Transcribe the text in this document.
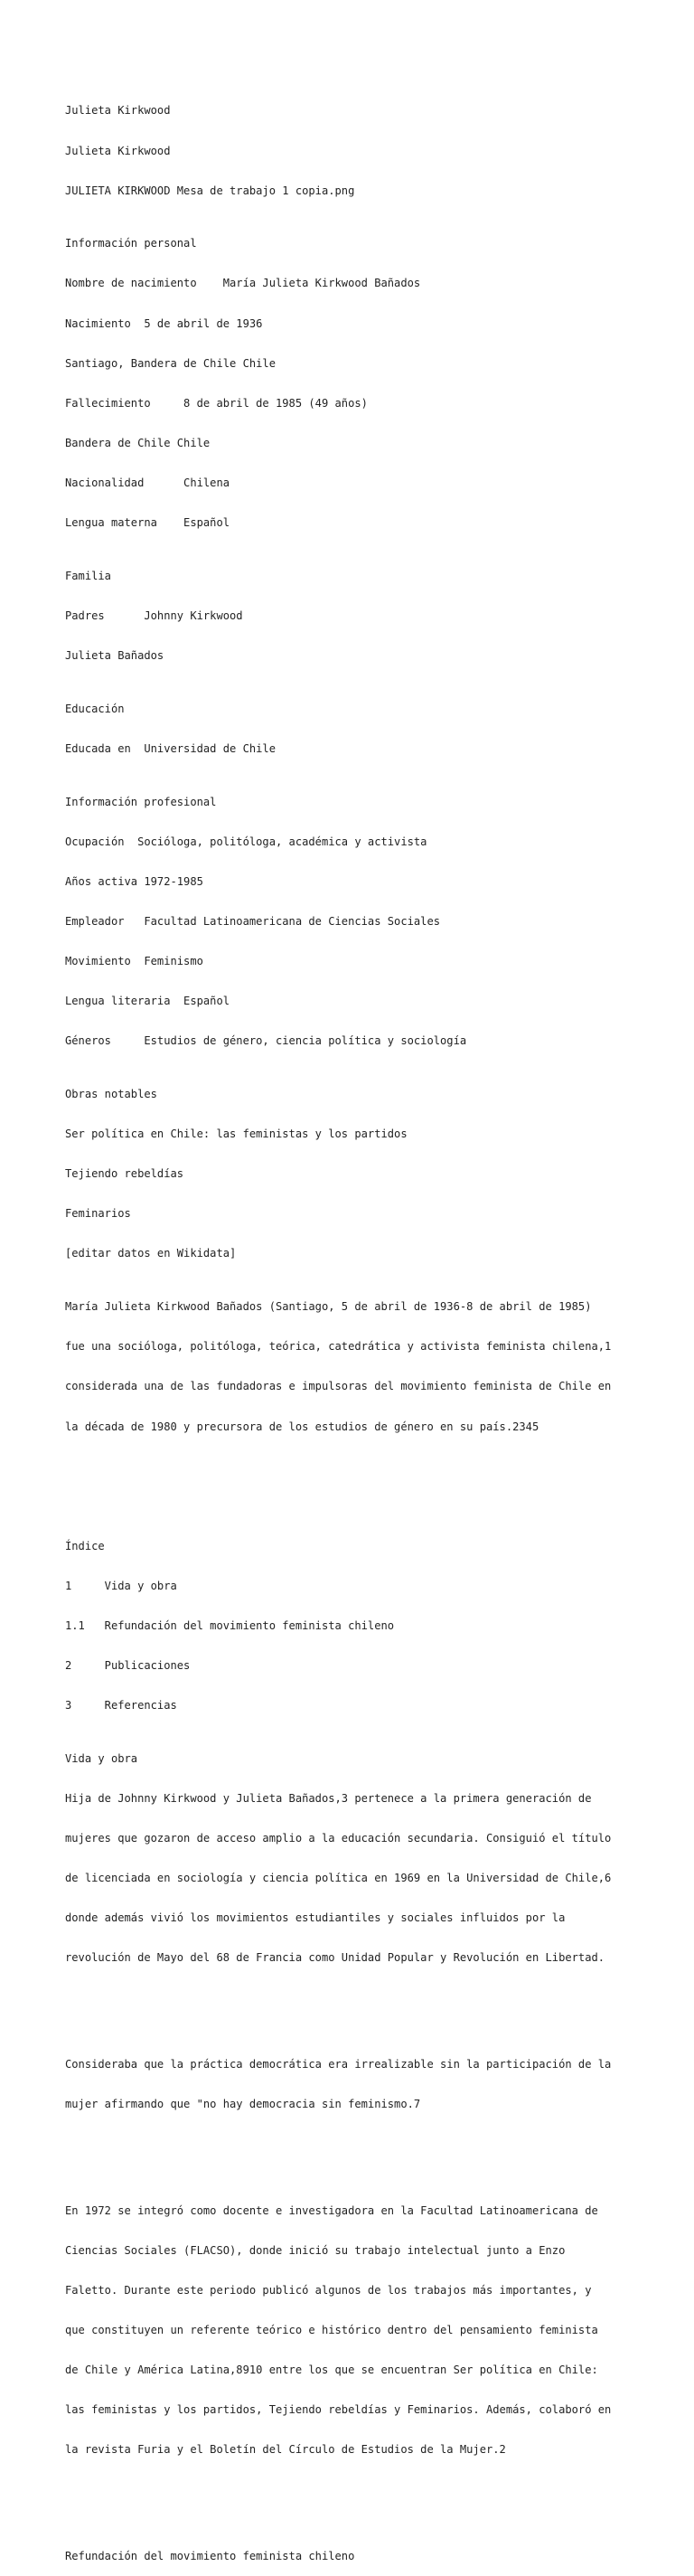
Julieta Kirkwood

Julieta Kirkwood

JULIETA KIRKWOOD Mesa de trabajo 1 copia.png

Información personal

Nombre de nacimiento    María Julieta Kirkwood Bañados

Nacimiento  5 de abril de 1936

Santiago, Bandera de Chile Chile

Fallecimiento     8 de abril de 1985 (49 años)

Bandera de Chile Chile

Nacionalidad      Chilena

Lengua materna    Español

Familia

Padres      Johnny Kirkwood

Julieta Bañados

Educación

Educada en  Universidad de Chile

Información profesional

Ocupación  Socióloga, politóloga, académica y activista

Años activa 1972-1985

Empleador   Facultad Latinoamericana de Ciencias Sociales

Movimiento  Feminismo

Lengua literaria  Español

Géneros     Estudios de género, ciencia política y sociología

Obras notables

Ser política en Chile: las feministas y los partidos

Tejiendo rebeldías

Feminarios

[editar datos en Wikidata]

María Julieta Kirkwood Bañados (Santiago, 5 de abril de 1936-8 de abril de 1985)

fue una socióloga, politóloga, teórica, catedrática y activista feminista chilena,1

considerada una de las fundadoras e impulsoras del movimiento feminista de Chile en

la década de 1980 y precursora de los estudios de género en su país.2345

Índice

1     Vida y obra

1.1   Refundación del movimiento feminista chileno

2     Publicaciones

3     Referencias

Vida y obra

Hija de Johnny Kirkwood y Julieta Bañados,3 pertenece a la primera generación de

mujeres que gozaron de acceso amplio a la educación secundaria. Consiguió el título

de licenciada en sociología y ciencia política en 1969 en la Universidad de Chile,6

donde además vivió los movimientos estudiantiles y sociales influidos por la

revolución de Mayo del 68 de Francia como Unidad Popular y Revolución en Libertad.

Consideraba que la práctica democrática era irrealizable sin la participación de la

mujer afirmando que "no hay democracia sin feminismo.7

En 1972 se integró como docente e investigadora en la Facultad Latinoamericana de

Ciencias Sociales (FLACSO), donde inició su trabajo intelectual junto a Enzo

Faletto. Durante este periodo publicó algunos de los trabajos más importantes, y

que constituyen un referente teórico e histórico dentro del pensamiento feminista

de Chile y América Latina,8910 entre los que se encuentran Ser política en Chile:

las feministas y los partidos, Tejiendo rebeldías y Feminarios. Además, colaboró en

la revista Furia y el Boletín del Círculo de Estudios de la Mujer.2

Refundación del movimiento feminista chileno
